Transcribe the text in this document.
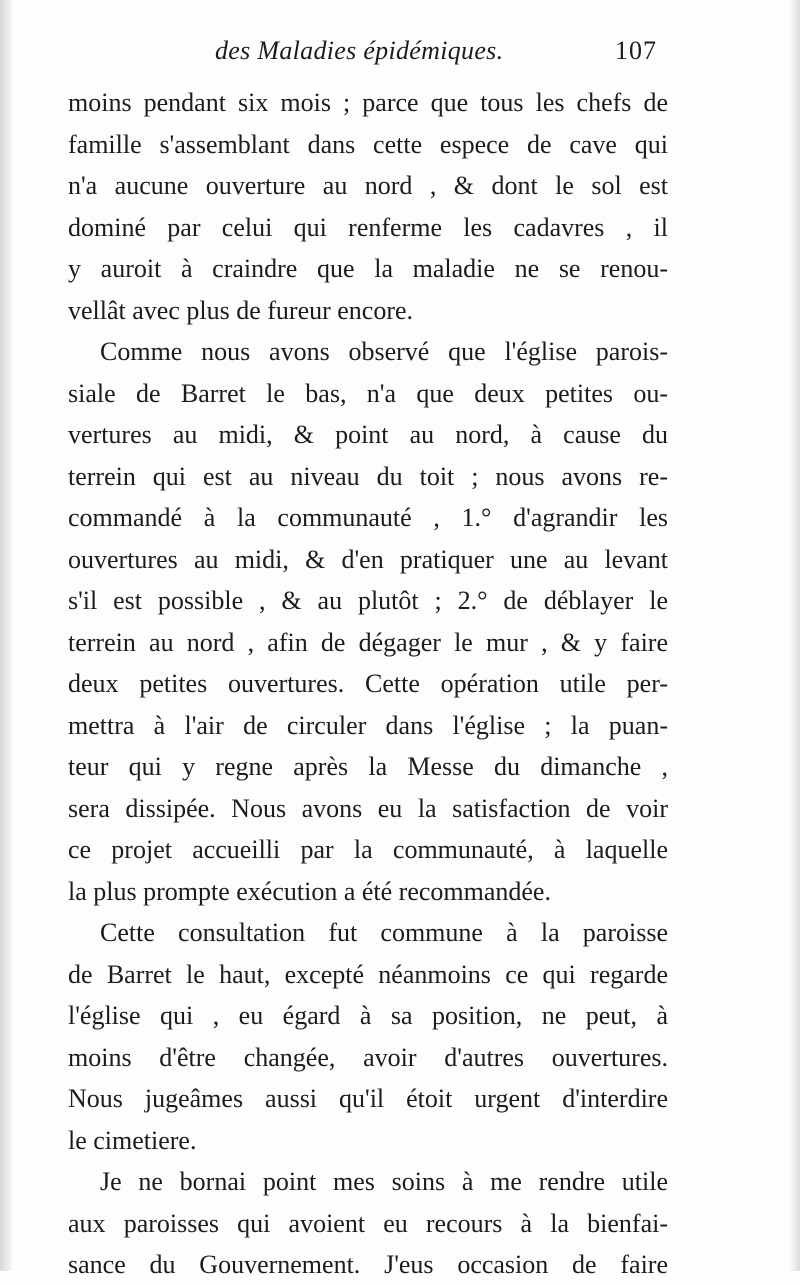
des Maladies épidémiques.	107
moins pendant six mois ; parce que tous les chefs de
famille s'assemblant dans cette espece de cave qui
n'a aucune ouverture au nord , & dont le sol est
dominé par celui qui renferme les cadavres , il
y auroit à craindre que la maladie ne se renou-
vellât avec plus de fureur encore.
Comme nous avons observé que l'église parois-
siale de Barret le bas, n'a que deux petites ou-
vertures au midi, & point au nord, à cause du
terrein qui est au niveau du toit ; nous avons re-
commandé à la communauté , 1.° d'agrandir les
ouvertures au midi, & d'en pratiquer une au levant
s'il est possible , & au plutôt ; 2.° de déblayer le
terrein au nord , afin de dégager le mur , & y faire
deux petites ouvertures. Cette opération utile per-
mettra à l'air de circuler dans l'église ; la puan-
teur qui y regne après la Messe du dimanche ,
sera dissipée. Nous avons eu la satisfaction de voir
ce projet accueilli par la communauté, à laquelle
la plus prompte exécution a été recommandée.
Cette consultation fut commune à la paroisse
de Barret le haut, excepté néanmoins ce qui regarde
l'église qui , eu égard à sa position, ne peut, à
moins d'être changée, avoir d'autres ouvertures.
Nous jugeâmes aussi qu'il étoit urgent d'interdire
le cimetiere.
Je ne bornai point mes soins à me rendre utile
aux paroisses qui avoient eu recours à la bienfai-
sance du Gouvernement. J'eus occasion de faire
